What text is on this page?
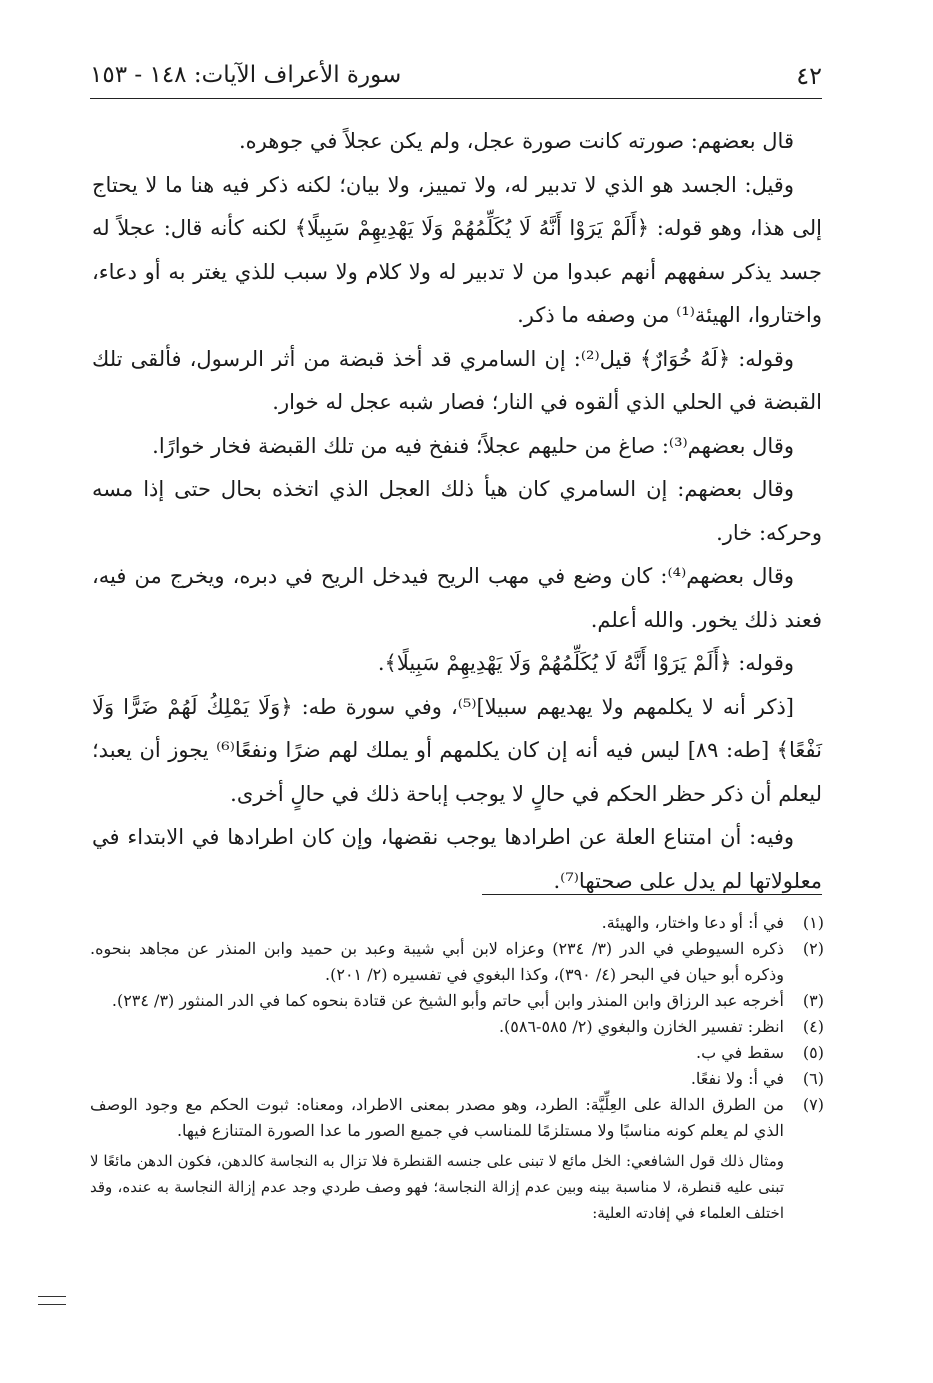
٤٢
سورة الأعراف الآيات: ١٤٨ - ١٥٣

قال بعضهم: صورته كانت صورة عجل، ولم يكن عجلاً في جوهره.

وقيل: الجسد هو الذي لا تدبير له، ولا تمييز، ولا بيان؛ لكنه ذكر فيه هنا ما لا يحتاج إلى هذا، وهو قوله: ﴿أَلَمْ يَرَوْا أَنَّهُ لَا يُكَلِّمُهُمْ وَلَا يَهْدِيهِمْ سَبِيلًا﴾ لكنه كأنه قال: عجلاً له جسد يذكر سفههم أنهم عبدوا من لا تدبير له ولا كلام ولا سبب للذي يغتر به أو دعاء، واختاروا، الهيئة⁽¹⁾ من وصفه ما ذكر.

وقوله: ﴿لَهُ خُوَارٌ﴾ قيل⁽²⁾: إن السامري قد أخذ قبضة من أثر الرسول، فألقى تلك القبضة في الحلي الذي ألقوه في النار؛ فصار شبه عجل له خوار.

وقال بعضهم⁽³⁾: صاغ من حليهم عجلاً؛ فنفخ فيه من تلك القبضة فخار خوارًا.

وقال بعضهم: إن السامري كان هيأ ذلك العجل الذي اتخذه بحال حتى إذا مسه وحركه: خار.

وقال بعضهم⁽⁴⁾: كان وضع في مهب الريح فيدخل الريح في دبره، ويخرج من فيه، فعند ذلك يخور. والله أعلم.

وقوله: ﴿أَلَمْ يَرَوْا أَنَّهُ لَا يُكَلِّمُهُمْ وَلَا يَهْدِيهِمْ سَبِيلًا﴾.

[ذكر أنه لا يكلمهم ولا يهديهم سبيلا]⁽⁵⁾، وفي سورة طه: ﴿وَلَا يَمْلِكُ لَهُمْ ضَرًّا وَلَا نَفْعًا﴾ [طه: ٨٩] ليس فيه أنه إن كان يكلمهم أو يملك لهم ضرًا ونفعًا⁽⁶⁾ يجوز أن يعبد؛ ليعلم أن ذكر حظر الحكم في حالٍ لا يوجب إباحة ذلك في حالٍ أخرى.

وفيه: أن امتناع العلة عن اطرادها يوجب نقضها، وإن كان اطرادها في الابتداء في معلولاتها لم يدل على صحتها⁽⁷⁾.

(١)
في أ: أو دعا واختار، والهيئة.
(٢)
ذكره السيوطي في الدر (٣/ ٢٣٤) وعزاه لابن أبي شيبة وعبد بن حميد وابن المنذر عن مجاهد بنحوه. وذكره أبو حيان في البحر (٤/ ٣٩٠)، وكذا البغوي في تفسيره (٢/ ٢٠١).
(٣)
أخرجه عبد الرزاق وابن المنذر وابن أبي حاتم وأبو الشيخ عن قتادة بنحوه كما في الدر المنثور (٣/ ٢٣٤).
(٤)
انظر: تفسير الخازن والبغوي (٢/ ٥٨٥-٥٨٦).
(٥)
سقط في ب.
(٦)
في أ: ولا نفعًا.
(٧)
من الطرق الدالة على العِلِّيَّة: الطرد، وهو مصدر بمعنى الاطراد، ومعناه: ثبوت الحكم مع وجود الوصف الذي لم يعلم كونه مناسبًا ولا مستلزمًا للمناسب في جميع الصور ما عدا الصورة المتنازع فيها.

ومثال ذلك قول الشافعي: الخل مائع لا تبنى على جنسه القنطرة فلا تزال به النجاسة كالدهن، فكون الدهن مائعًا لا تبنى عليه قنطرة، لا مناسبة بينه وبين عدم إزالة النجاسة؛ فهو وصف طردي وجد عدم إزالة النجاسة به عنده، وقد اختلف العلماء في إفادته العلية:
